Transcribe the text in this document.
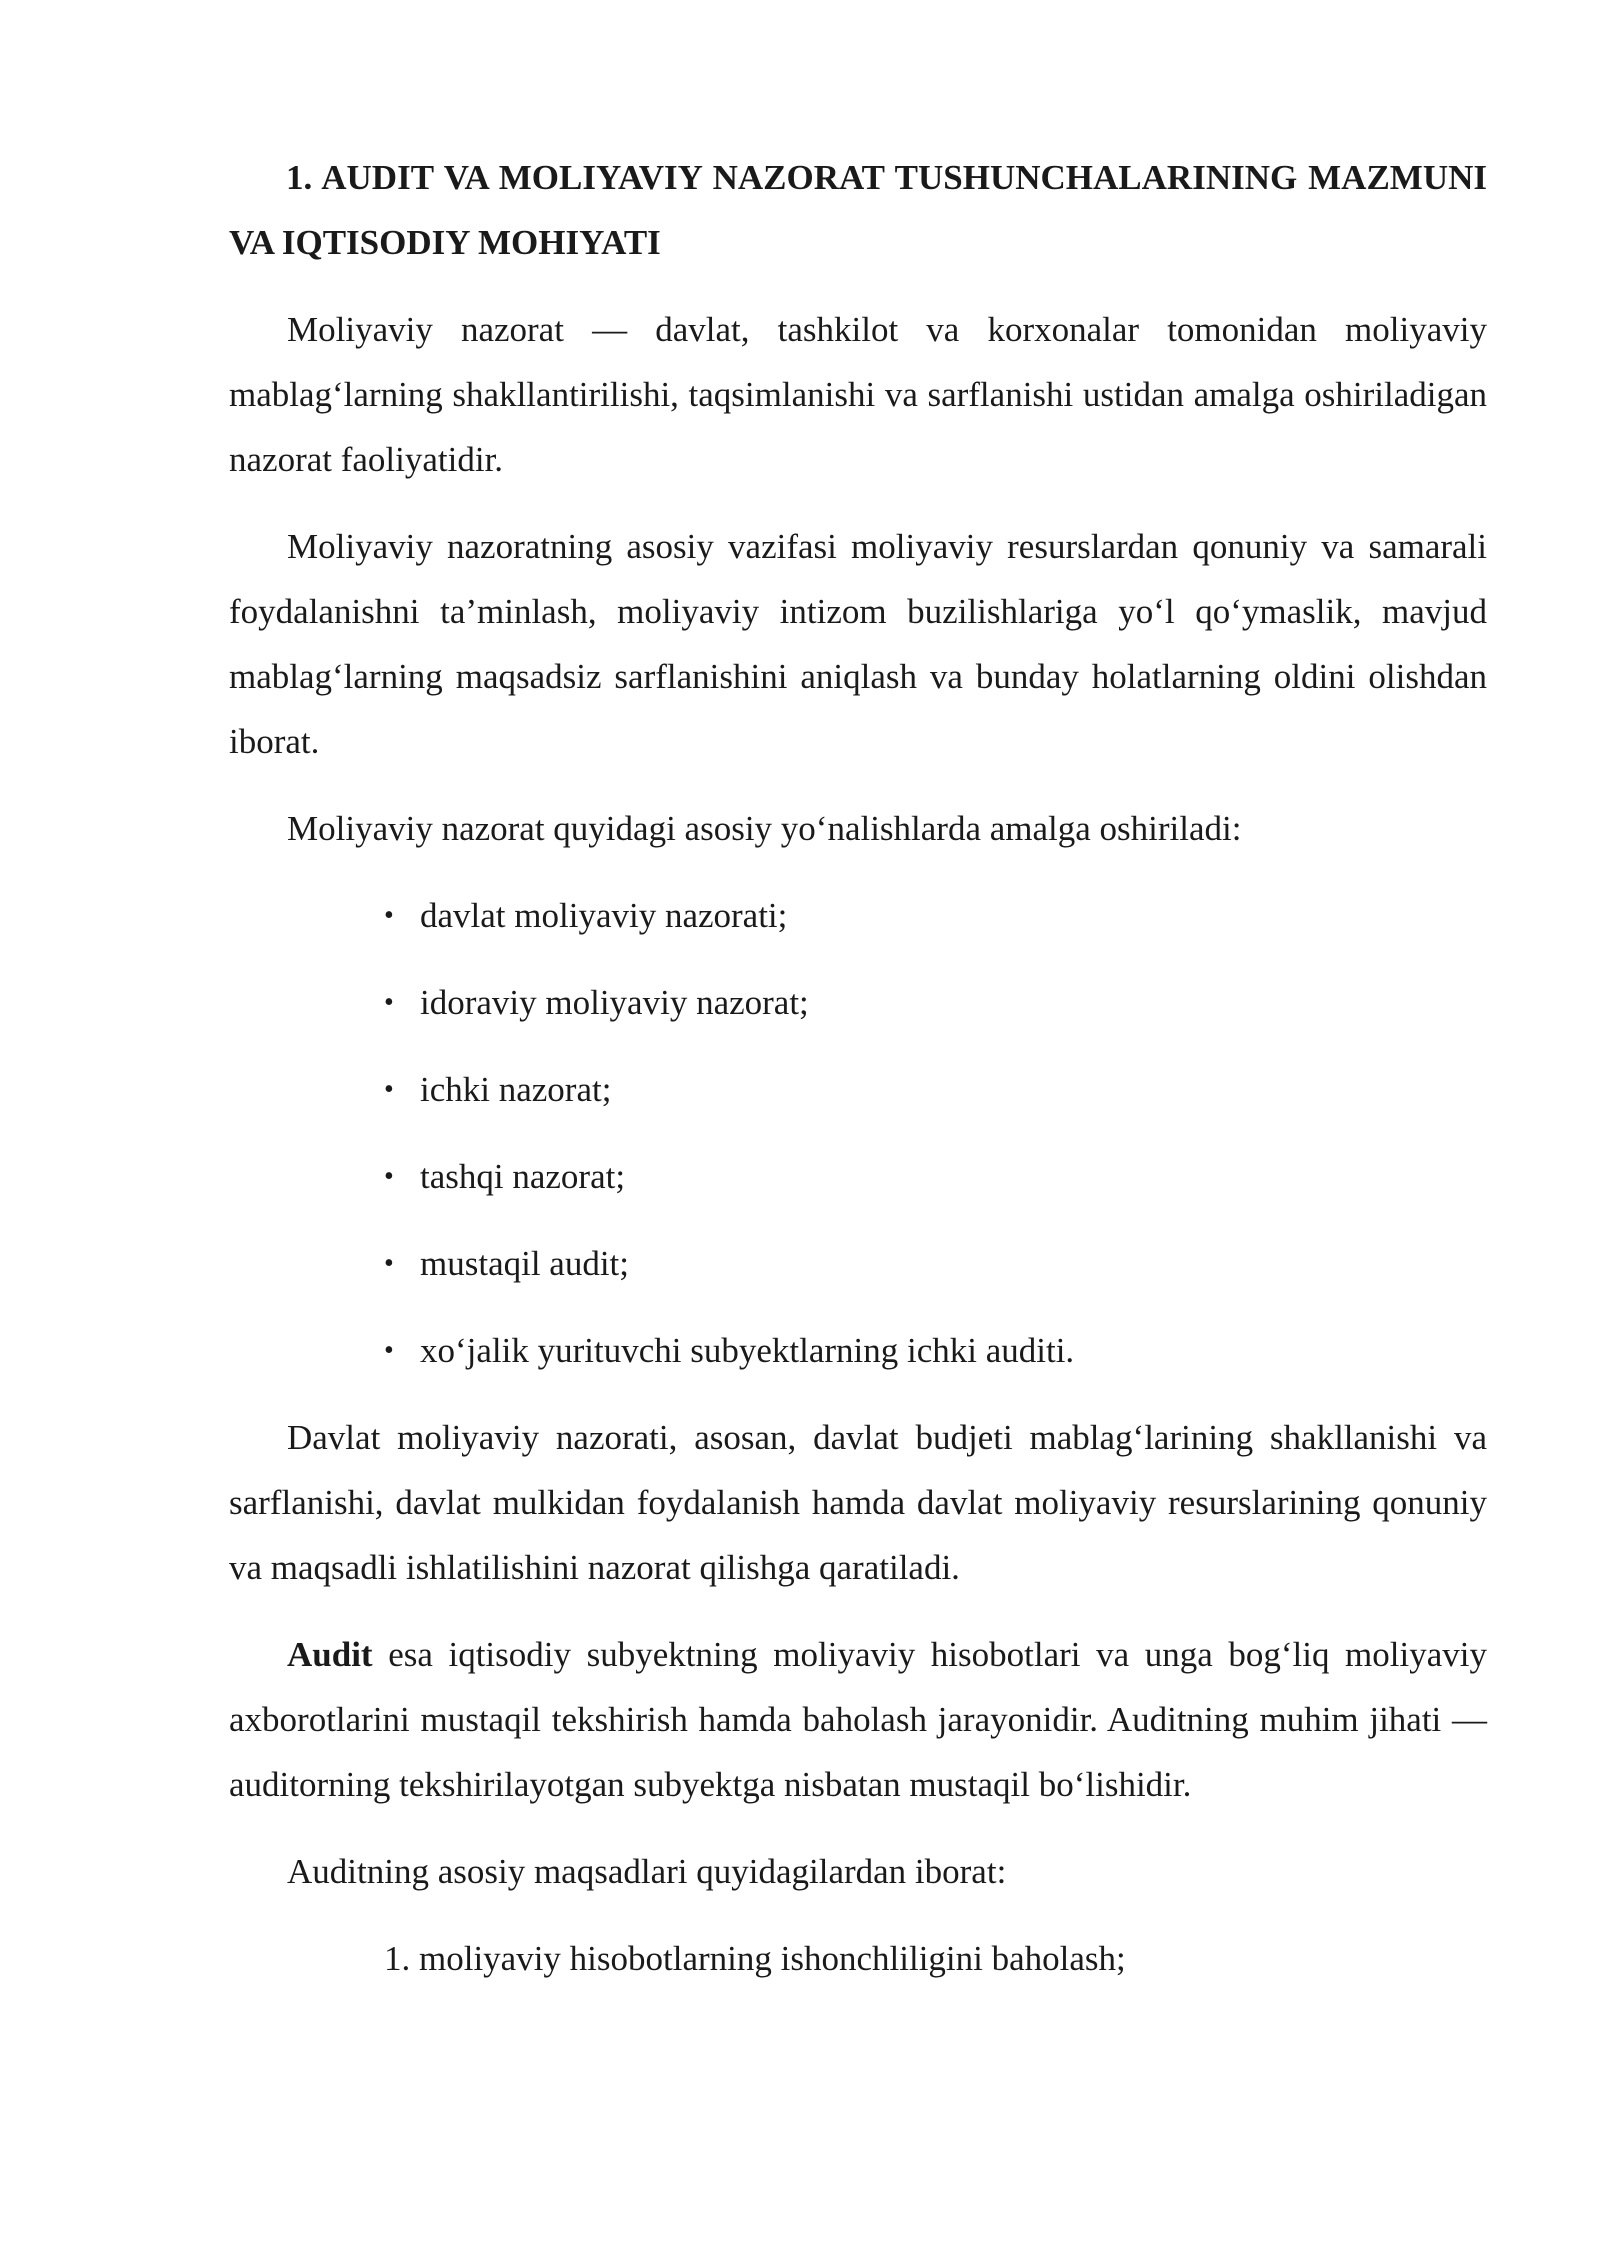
1. AUDIT VA MOLIYAVIY NAZORAT TUSHUNCHALARINING MAZMUNI VA IQTISODIY MOHIYATI

Moliyaviy nazorat — davlat, tashkilot va korxonalar tomonidan moliyaviy mablag‘larning shakllantirilishi, taqsimlanishi va sarflanishi ustidan amalga oshiriladigan nazorat faoliyatidir.

Moliyaviy nazoratning asosiy vazifasi moliyaviy resurslardan qonuniy va samarali foydalanishni ta’minlash, moliyaviy intizom buzilishlariga yo‘l qo‘ymaslik, mavjud mablag‘larning maqsadsiz sarflanishini aniqlash va bunday holatlarning oldini olishdan iborat.

Moliyaviy nazorat quyidagi asosiy yo‘nalishlarda amalga oshiriladi:

• davlat moliyaviy nazorati;
• idoraviy moliyaviy nazorat;
• ichki nazorat;
• tashqi nazorat;
• mustaqil audit;
• xo‘jalik yurituvchi subyektlarning ichki auditi.

Davlat moliyaviy nazorati, asosan, davlat budjeti mablag‘larining shakllanishi va sarflanishi, davlat mulkidan foydalanish hamda davlat moliyaviy resurslarining qonuniy va maqsadli ishlatilishini nazorat qilishga qaratiladi.

Audit esa iqtisodiy subyektning moliyaviy hisobotlari va unga bog‘liq moliyaviy axborotlarini mustaqil tekshirish hamda baholash jarayonidir. Auditning muhim jihati — auditorning tekshirilayotgan subyektga nisbatan mustaqil bo‘lishidir.

Auditning asosiy maqsadlari quyidagilardan iborat:

1. moliyaviy hisobotlarning ishonchliligini baholash;
